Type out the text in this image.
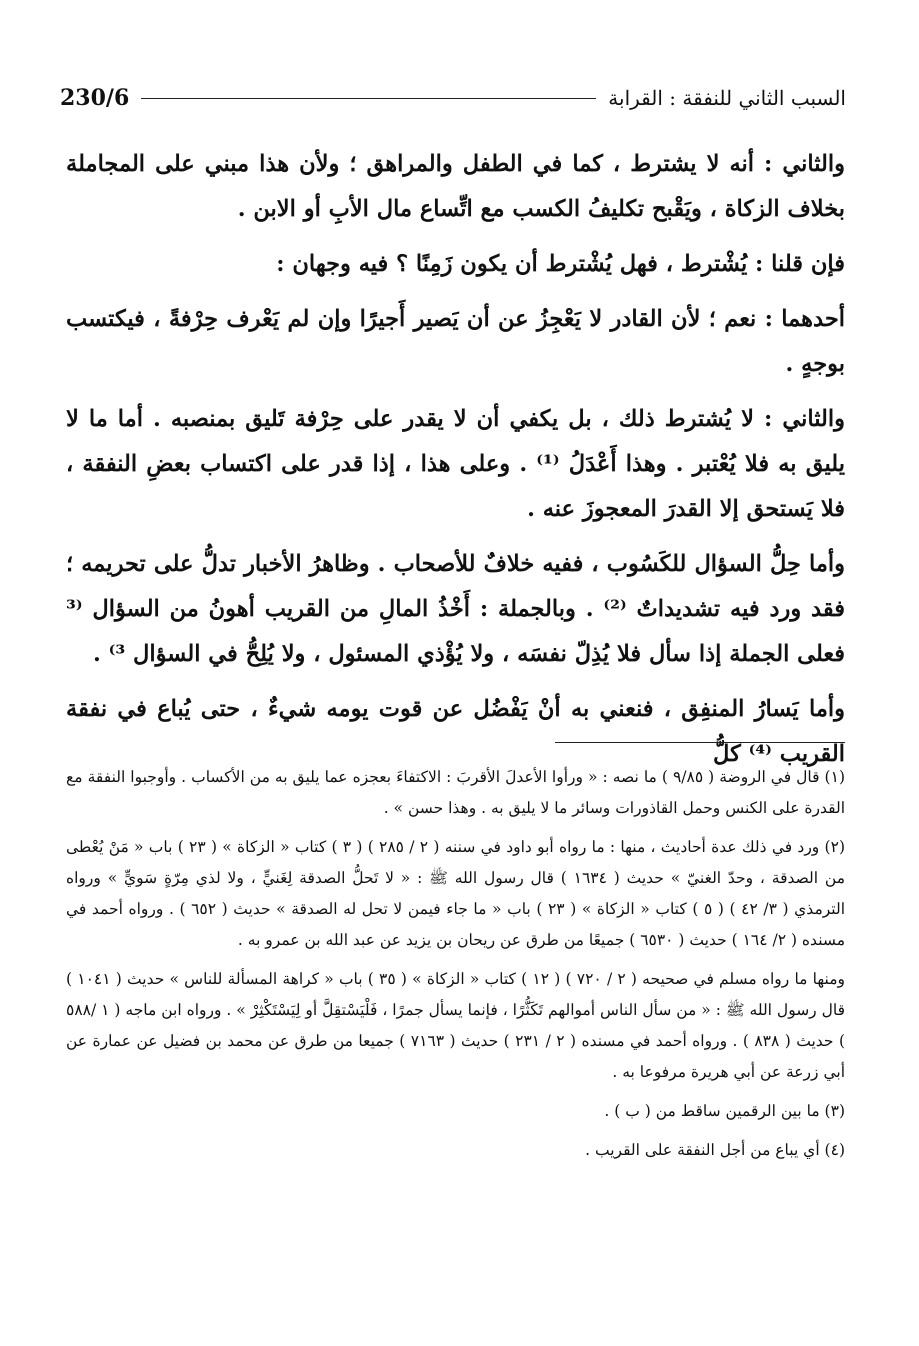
السبب الثاني للنفقة : القرابة
230/6

والثاني : أنه لا يشترط ، كما في الطفل والمراهق ؛ ولأن هذا مبني على المجاملة بخلاف الزكاة ، ويَقْبح تكليفُ الكسب مع اتِّساع مال الأبِ أو الابن .

فإن قلنا : يُشْترط ، فهل يُشْترط أن يكون زَمِنًا ؟ فيه وجهان :

أحدهما : نعم ؛ لأن القادر لا يَعْجِزُ عن أن يَصير أَجيرًا وإن لم يَعْرف حِرْفةً ، فيكتسب بوجهٍ .

والثاني : لا يُشترط ذلك ، بل يكفي أن لا يقدر على حِرْفة تَليق بمنصبه . أما ما لا يليق به فلا يُعْتبر . وهذا أَعْدَلُ ⁽¹⁾ . وعلى هذا ، إذا قدر على اكتساب بعضِ النفقة ، فلا يَستحق إلا القدرَ المعجوزَ عنه .

وأما حِلُّ السؤال للكَسُوب ، ففيه خلافٌ للأصحاب . وظاهرُ الأخبار تدلُّ على تحريمه ؛ فقد ورد فيه تشديداتٌ ⁽²⁾ . وبالجملة : أَخْذُ المالِ من القريب أهونُ من السؤال ⁽³ فعلى الجملة إذا سأل فلا يُذِلّ نفسَه ، ولا يُؤْذي المسئول ، ولا يُلِحُّ في السؤال ³⁾ .

وأما يَسارُ المنفِق ، فنعني به أنْ يَفْضُل عن قوت يومه شيءٌ ، حتى يُباع في نفقة القريب ⁽⁴⁾ كلُّ

(١) قال في الروضة ( ٩/٨٥ ) ما نصه : « ورأوا الأعدلَ الأقربَ : الاكتفاءَ بعجزه عما يليق به من الأكساب . وأوجبوا النفقة مع القدرة على الكنس وحمل القاذورات وسائر ما لا يليق به . وهذا حسن » .

(٢) ورد في ذلك عدة أحاديث ، منها : ما رواه أبو داود في سننه ( ٢ / ٢٨٥ ) ( ٣ ) كتاب « الزكاة » ( ٢٣ ) باب « مَنْ يُعْطى من الصدقة ، وحدّ الغنيّ » حديث ( ١٦٣٤ ) قال رسول الله ﷺ : « لا تَحلُّ الصدقة لِغَنيٍّ ، ولا لذي مِرّةٍ سَويٍّ » ورواه الترمذي ( ٣/ ٤٢ ) ( ٥ ) كتاب « الزكاة » ( ٢٣ ) باب « ما جاء فيمن لا تحل له الصدقة » حديث ( ٦٥٢ ) . ورواه أحمد في مسنده ( ٢/ ١٦٤ ) حديث ( ٦٥٣٠ ) جميعًا من طرق عن ريحان بن يزيد عن عبد الله بن عمرو به .

ومنها ما رواه مسلم في صحيحه ( ٢ / ٧٢٠ ) ( ١٢ ) كتاب « الزكاة » ( ٣٥ ) باب « كراهة المسألة للناس » حديث ( ١٠٤١ ) قال رسول الله ﷺ : « من سأل الناس أموالهم تَكَثُّرًا ، فإنما يسأل جمرًا ، فَلْيَسْتقِلَّ أو لِيَسْتَكْثِرْ » . ورواه ابن ماجه ( ١ /٥٨٨ ) حديث ( ٨٣٨ ) . ورواه أحمد في مسنده ( ٢ / ٢٣١ ) حديث ( ٧١٦٣ ) جميعا من طرق عن محمد بن فضيل عن عمارة عن أبي زرعة عن أبي هريرة مرفوعا به .

(٣) ما بين الرقمين ساقط من ( ب ) .

(٤) أي يباع من أجل النفقة على القريب .
